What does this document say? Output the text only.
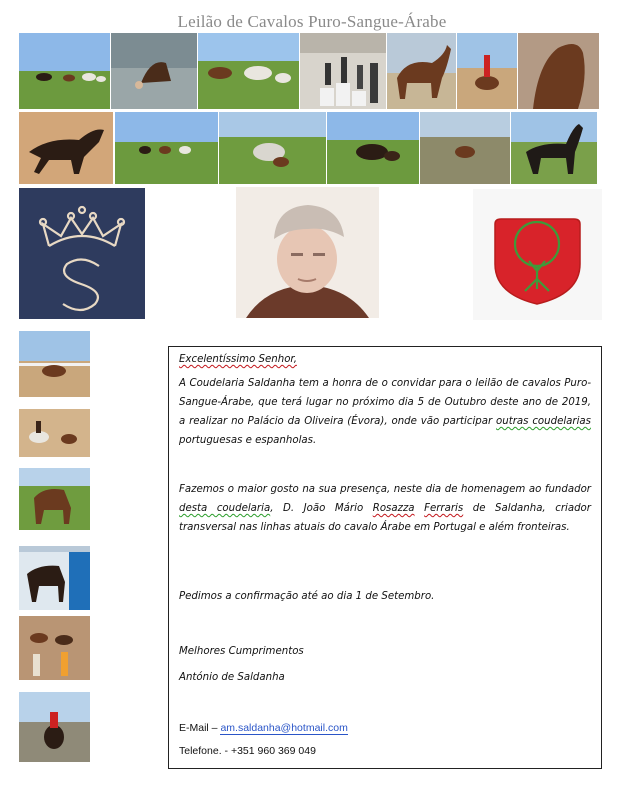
Leilão de Cavalos Puro-Sangue-Árabe
Excelentíssimo Senhor,

A Coudelaria Saldanha tem a honra de o convidar para o leilão de cavalos Puro-Sangue-Árabe, que terá lugar no próximo dia 5 de Outubro deste ano de 2019, a realizar no Palácio da Oliveira (Évora), onde vão participar outras coudelarias portuguesas e espanholas.

Fazemos o maior gosto na sua presença, neste dia de homenagem ao fundador desta coudelaria, D. João Mário Rosazza Ferraris de Saldanha, criador transversal nas linhas atuais do cavalo Árabe em Portugal e além fronteiras.

Pedimos a confirmação até ao dia 1 de Setembro.
Melhores Cumprimentos
António de Saldanha
E-Mail – am.saldanha@hotmail.com
Telefone. - +351 960 369 049
